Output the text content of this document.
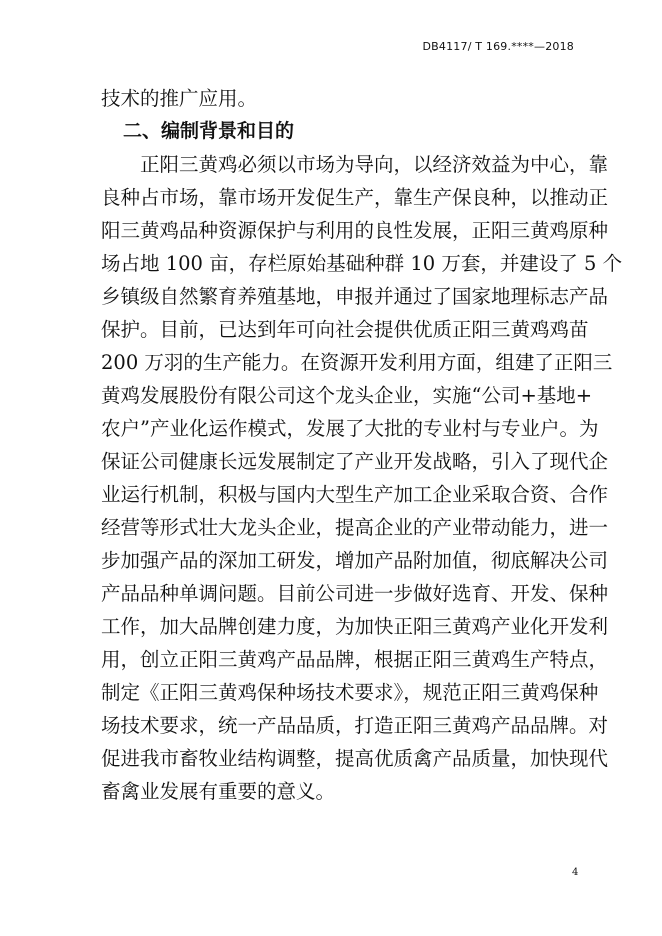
DB4117/ T 169.****—2018
技术的推广应用。
二、编制背景和目的
正阳三黄鸡必须以市场为导向，以经济效益为中心，靠
良种占市场，靠市场开发促生产，靠生产保良种，以推动正
阳三黄鸡品种资源保护与利用的良性发展，正阳三黄鸡原种
场占地 100 亩，存栏原始基础种群 10 万套，并建设了 5 个
乡镇级自然繁育养殖基地，申报并通过了国家地理标志产品
保护。目前，已达到年可向社会提供优质正阳三黄鸡鸡苗
200 万羽的生产能力。在资源开发利用方面，组建了正阳三
黄鸡发展股份有限公司这个龙头企业，实施“公司+基地+
农户”产业化运作模式，发展了大批的专业村与专业户。为
保证公司健康长远发展制定了产业开发战略，引入了现代企
业运行机制，积极与国内大型生产加工企业采取合资、合作
经营等形式壮大龙头企业，提高企业的产业带动能力，进一
步加强产品的深加工研发，增加产品附加值，彻底解决公司
产品品种单调问题。目前公司进一步做好选育、开发、保种
工作，加大品牌创建力度，为加快正阳三黄鸡产业化开发利
用，创立正阳三黄鸡产品品牌，根据正阳三黄鸡生产特点，
制定《正阳三黄鸡保种场技术要求》，规范正阳三黄鸡保种
场技术要求，统一产品品质，打造正阳三黄鸡产品品牌。对
促进我市畜牧业结构调整，提高优质禽产品质量，加快现代
畜禽业发展有重要的意义。
4
